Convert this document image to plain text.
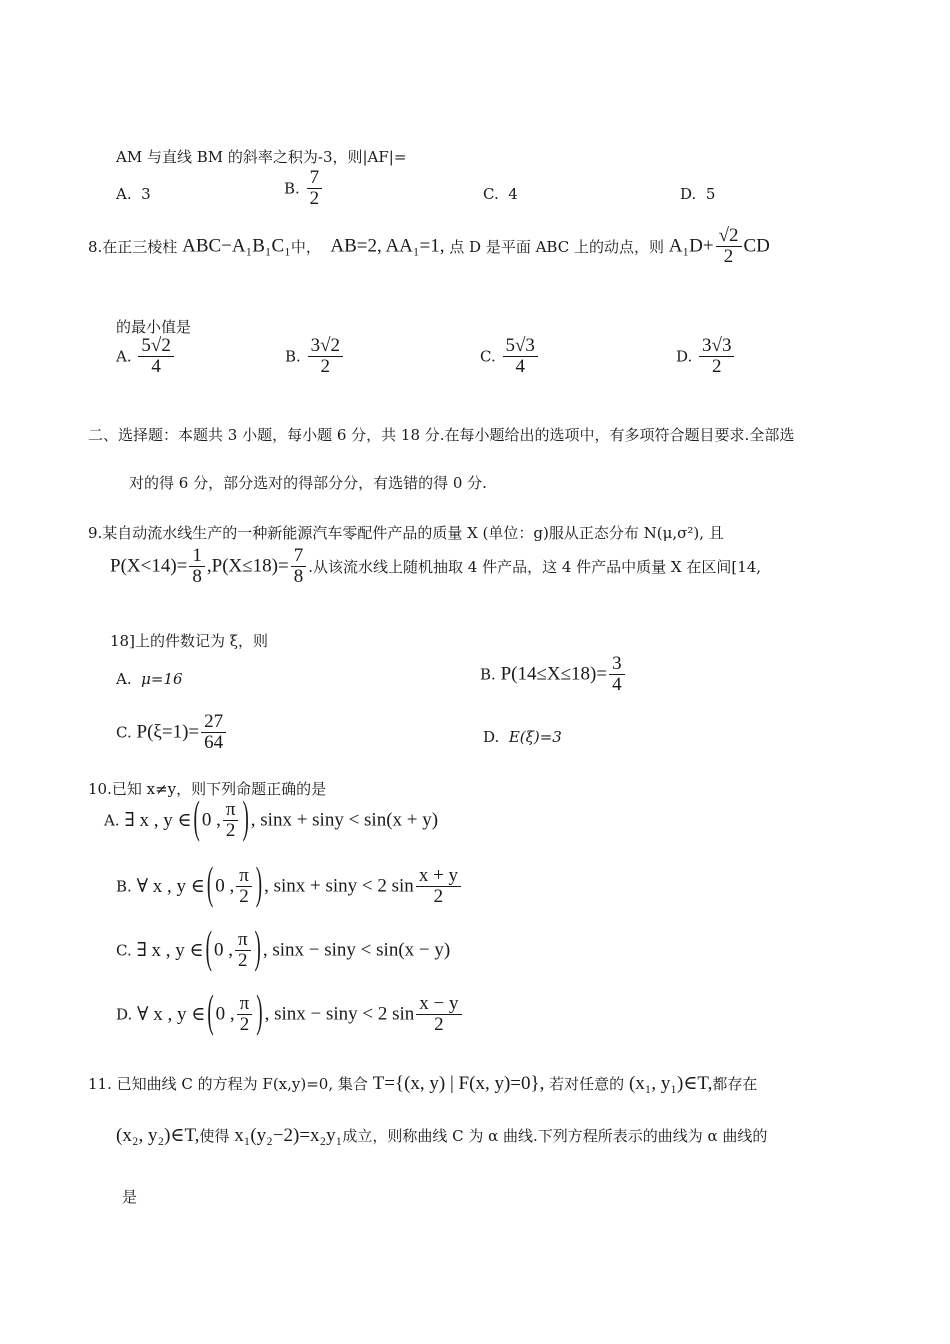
AM 与直线 BM 的斜率之积为-3，则|AF|=
A. 3	B. $\frac{7}{2}$	C. 4	D. 5
8.在正三棱柱 ABC−A₁B₁C₁中， AB=2, AA₁=1, 点 D 是平面 ABC 上的动点，则 $A_1D+ \frac{√2}{2}$ CD
的最小值是
A. $\frac{5√2}{4}$	B. $\frac{3√2}{2}$	C. $\frac{5√3}{4}$	D. $\frac{3√3}{2}$
二、选择题：本题共 3 小题，每小题 6 分，共 18 分.在每小题给出的选项中，有多项符合题目要求.全部选
对的得 6 分，部分选对的得部分分，有选错的得 0 分.
9.某自动流水线生产的一种新能源汽车零配件产品的质量 X (单位：g)服从正态分布 N(μ,σ²), 且
$P(X<14)= \frac{1}{8} ,P(X\le 18)= \frac{7}{8}$ .从该流水线上随机抽取 4 件产品，这 4 件产品中质量 X 在区间[14,
18]上的件数记为 ξ，则
A. μ=16	B. $P(14\le X\le 18)= \frac{3}{4}$
C. $P(\xi=1)= \frac{27}{64}$	D. E(ξ)=3
10.已知 x≠y，则下列命题正确的是
A. ∃ x , y ∈ ( 0 , $\frac{\pi}{2}$ ) , sinx + siny < sin(x + y)
B. ∀ x , y ∈ ( 0 , $\frac{\pi}{2}$ ) , sinx + siny < 2 $\sin \frac{x + y}{2}$
C. ∃ x , y ∈ ( 0 , $\frac{\pi}{2}$ ) , sinx − siny < sin(x − y)
D. ∀ x , y ∈ ( 0 , $\frac{\pi}{2}$ ) , sinx − siny < 2 $\sin \frac{x - y}{2}$
11. 已知曲线 C 的方程为 F(x,y)=0, 集合 T={(x, y) | F(x, y)=0}, 若对任意的 (x₁, y₁)∈T,都存在
(x₂, y₂)∈T,使得 x₁(y₂−2)=x₂y₁成立，则称曲线 C 为 α 曲线.下列方程所表示的曲线为 α 曲线的
是
